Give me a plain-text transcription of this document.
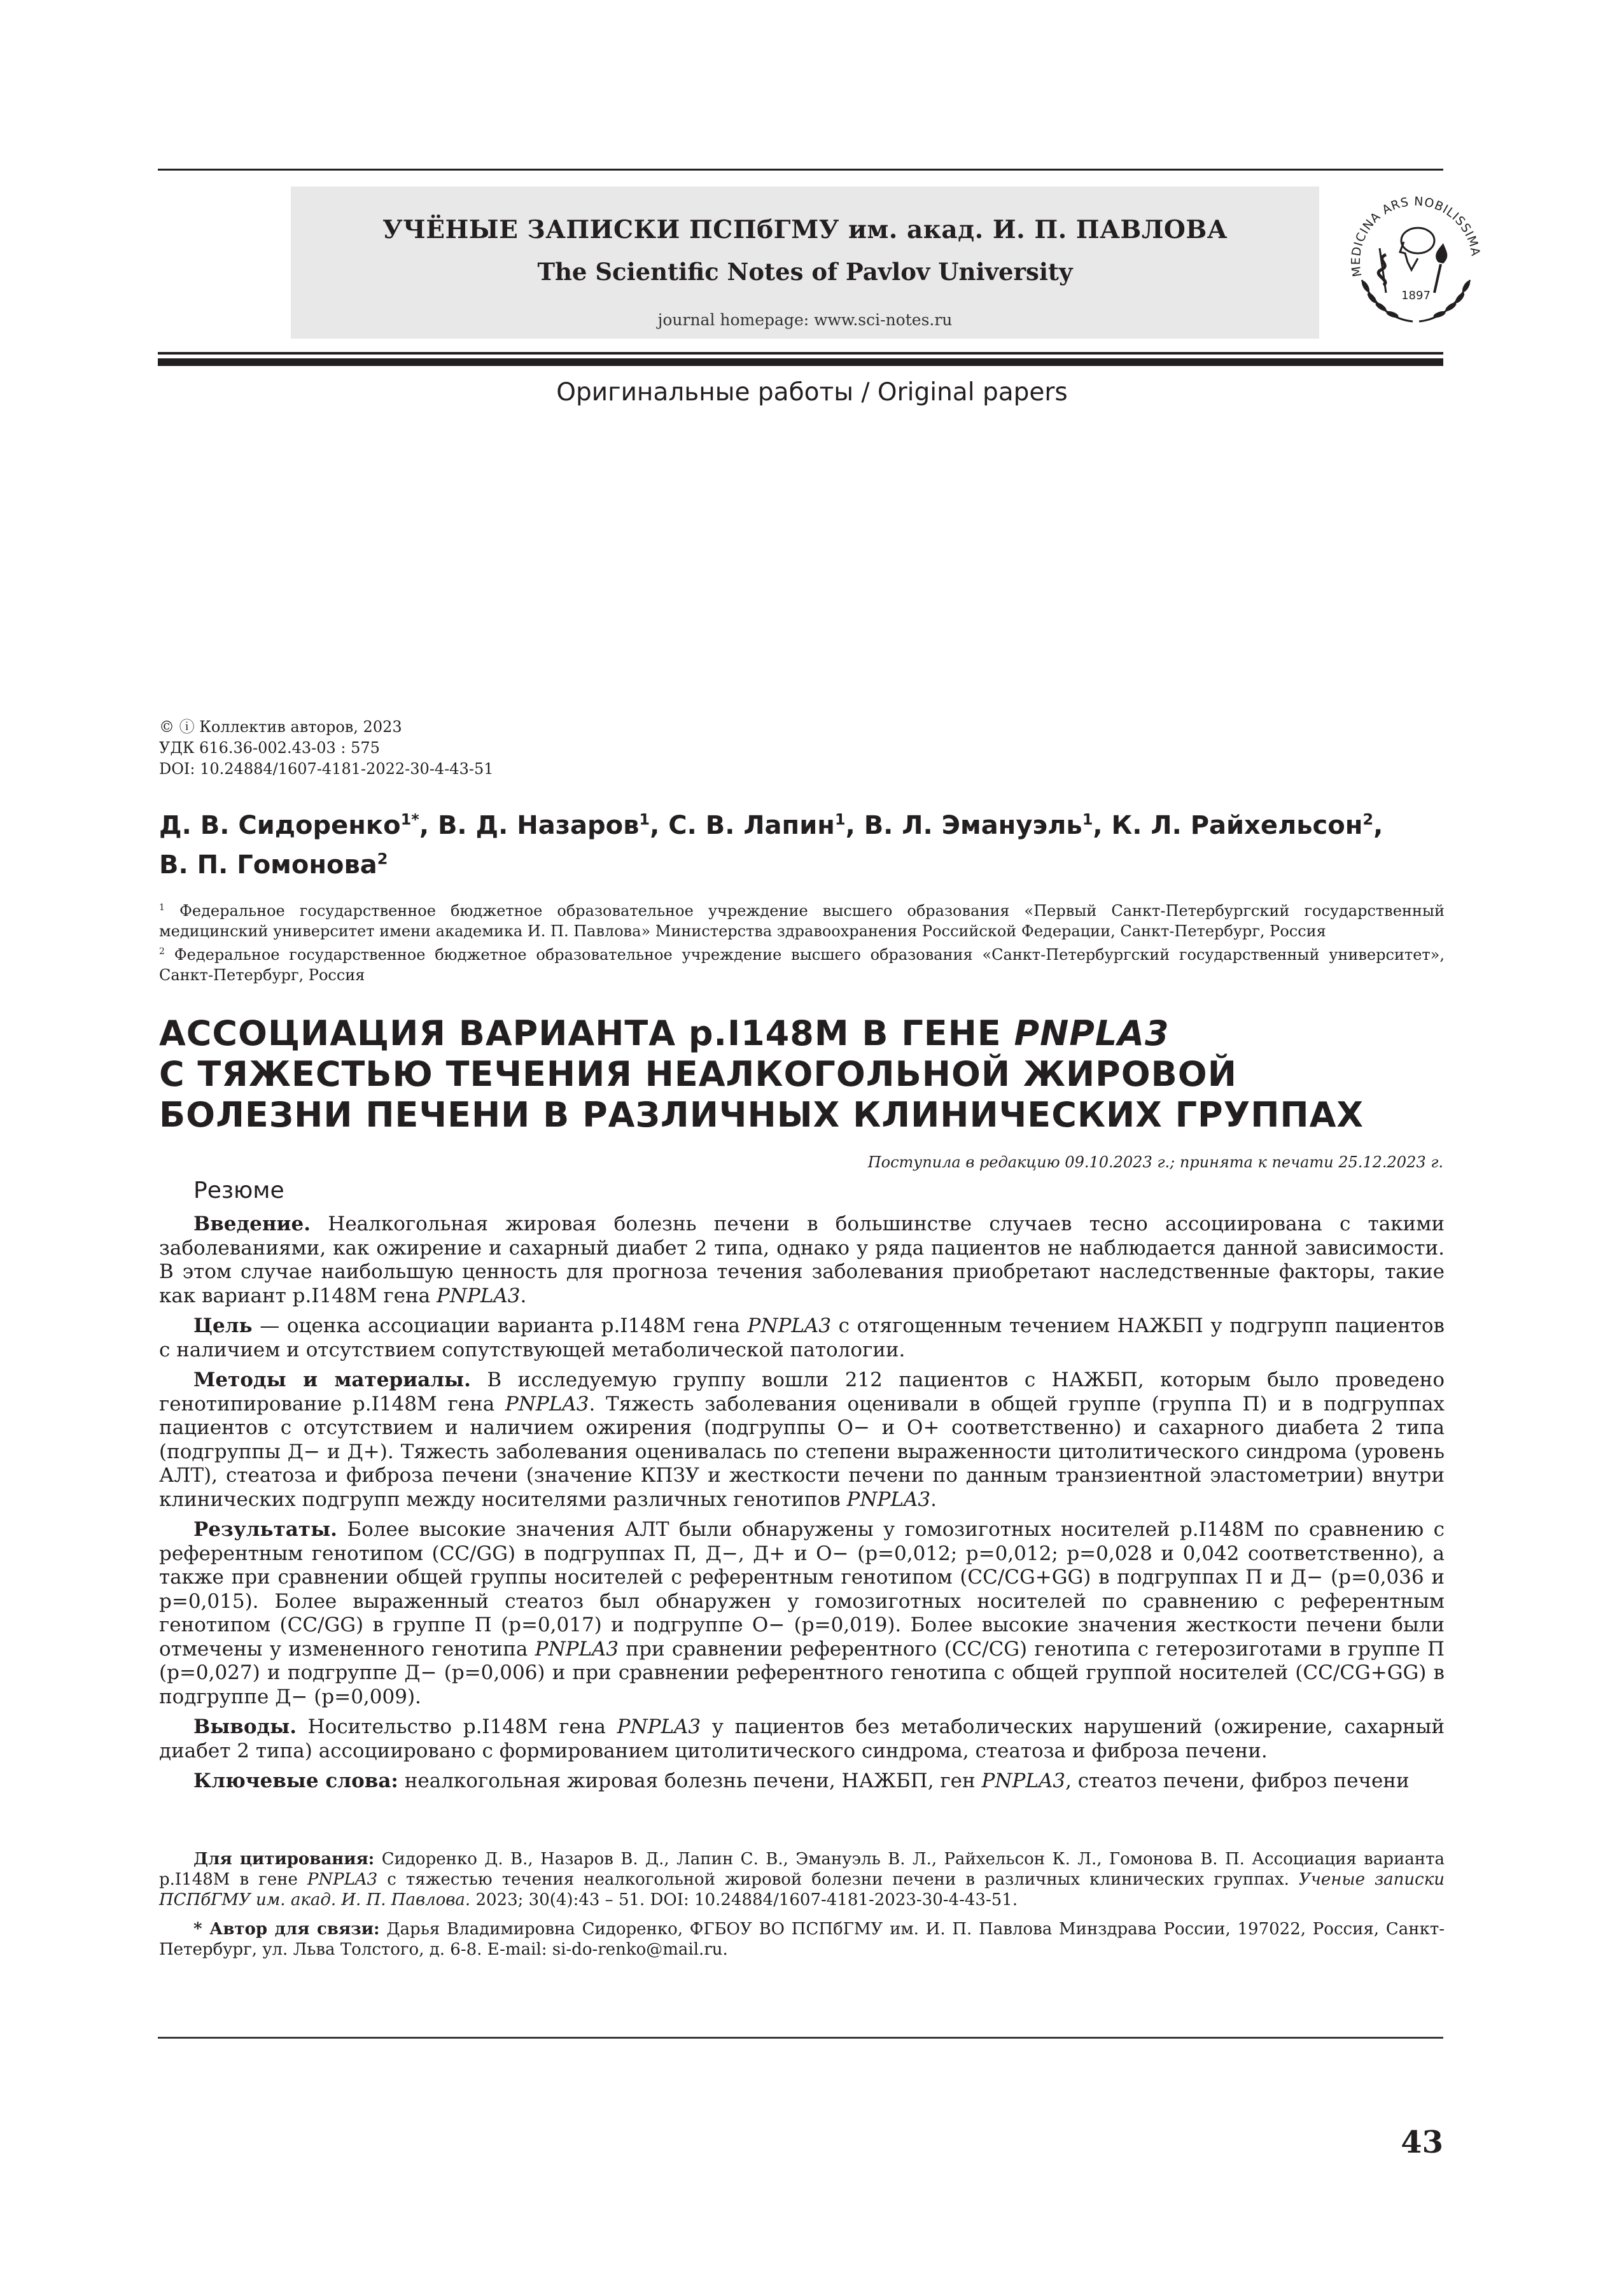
УЧЁНЫЕ ЗАПИСКИ ПСПбГМУ им. акад. И. П. ПАВЛОВА
The Scientific Notes of Pavlov University
journal homepage: www.sci-notes.ru
MEDICINA ARS NOBILISSIMA
1897
Оригинальные работы / Original papers
© ⓘ Коллектив авторов, 2023
УДК 616.36-002.43-03 : 575
DOI: 10.24884/1607-4181-2022-30-4-43-51
Д. В. Сидоренко$^{1*}$, В. Д. Назаров$^1$, С. В. Лапин$^1$, В. Л. Эмануэль$^1$, К. Л. Райхельсон$^2$,
В. П. Гомонова$^2$
$^1$ Федеральное государственное бюджетное образовательное учреждение высшего образования «Первый Санкт-Петербургский государственный медицинский университет имени академика И. П. Павлова» Министерства здравоохранения Российской Федерации, Санкт-Петербург, Россия
$^2$ Федеральное государственное бюджетное образовательное учреждение высшего образования «Санкт-Петербургский государственный университет», Санкт-Петербург, Россия
АССОЦИАЦИЯ ВАРИАНТА p.I148M В ГЕНЕ PNPLA3
С ТЯЖЕСТЬЮ ТЕЧЕНИЯ НЕАЛКОГОЛЬНОЙ ЖИРОВОЙ
БОЛЕЗНИ ПЕЧЕНИ В РАЗЛИЧНЫХ КЛИНИЧЕСКИХ ГРУППАХ
Поступила в редакцию 09.10.2023 г.; принята к печати 25.12.2023 г.
Резюме

Введение. Неалкогольная жировая болезнь печени в большинстве случаев тесно ассоциирована с такими заболеваниями, как ожирение и сахарный диабет 2 типа, однако у ряда пациентов не наблюдается данной зависимости. В этом случае наибольшую ценность для прогноза течения заболевания приобретают наследственные факторы, такие как вариант p.I148M гена PNPLA3.

Цель — оценка ассоциации варианта p.I148M гена PNPLA3 с отягощенным течением НАЖБП у подгрупп пациентов с наличием и отсутствием сопутствующей метаболической патологии.

Методы и материалы. В исследуемую группу вошли 212 пациентов с НАЖБП, которым было проведено генотипирование p.I148M гена PNPLA3. Тяжесть заболевания оценивали в общей группе (группа П) и в подгруппах пациентов с отсутствием и наличием ожирения (подгруппы О− и О+ соответственно) и сахарного диабета 2 типа (подгруппы Д− и Д+). Тяжесть заболевания оценивалась по степени выраженности цитолитического синдрома (уровень АЛТ), стеатоза и фиброза печени (значение КПЗУ и жесткости печени по данным транзиентной эластометрии) внутри клинических подгрупп между носителями различных генотипов PNPLA3.

Результаты. Более высокие значения АЛТ были обнаружены у гомозиготных носителей p.I148M по сравнению с референтным генотипом (CC/GG) в подгруппах П, Д−, Д+ и О− (p=0,012; p=0,012; p=0,028 и 0,042 соответственно), а также при сравнении общей группы носителей с референтным генотипом (CC/CG+GG) в подгруппах П и Д− (p=0,036 и p=0,015). Более выраженный стеатоз был обнаружен у гомозиготных носителей по сравнению с референтным генотипом (CC/GG) в группе П (p=0,017) и подгруппе О− (p=0,019). Более высокие значения жесткости печени были отмечены у измененного генотипа PNPLA3 при сравнении референтного (CC/CG) генотипа с гетерозиготами в группе П (p=0,027) и подгруппе Д− (p=0,006) и при сравнении референтного генотипа с общей группой носителей (CC/CG+GG) в подгруппе Д− (p=0,009).

Выводы. Носительство p.I148M гена PNPLA3 у пациентов без метаболических нарушений (ожирение, сахарный диабет 2 типа) ассоциировано с формированием цитолитического синдрома, стеатоза и фиброза печени.

Ключевые слова: неалкогольная жировая болезнь печени, НАЖБП, ген PNPLA3, стеатоз печени, фиброз печени

Для цитирования: Сидоренко Д. В., Назаров В. Д., Лапин С. В., Эмануэль В. Л., Райхельсон К. Л., Гомонова В. П. Ассоциация варианта p.I148M в гене PNPLA3 с тяжестью течения неалкогольной жировой болезни печени в различных клинических группах. Ученые записки ПСПбГМУ им. акад. И. П. Павлова. 2023; 30(4):43 – 51. DOI: 10.24884/1607-4181-2023-30-4-43-51.

* Автор для связи: Дарья Владимировна Сидоренко, ФГБОУ ВО ПСПбГМУ им. И. П. Павлова Минздрава России, 197022, Россия, Санкт-Петербург, ул. Льва Толстого, д. 6-8. E-mail: si-do-renko@mail.ru.

43
